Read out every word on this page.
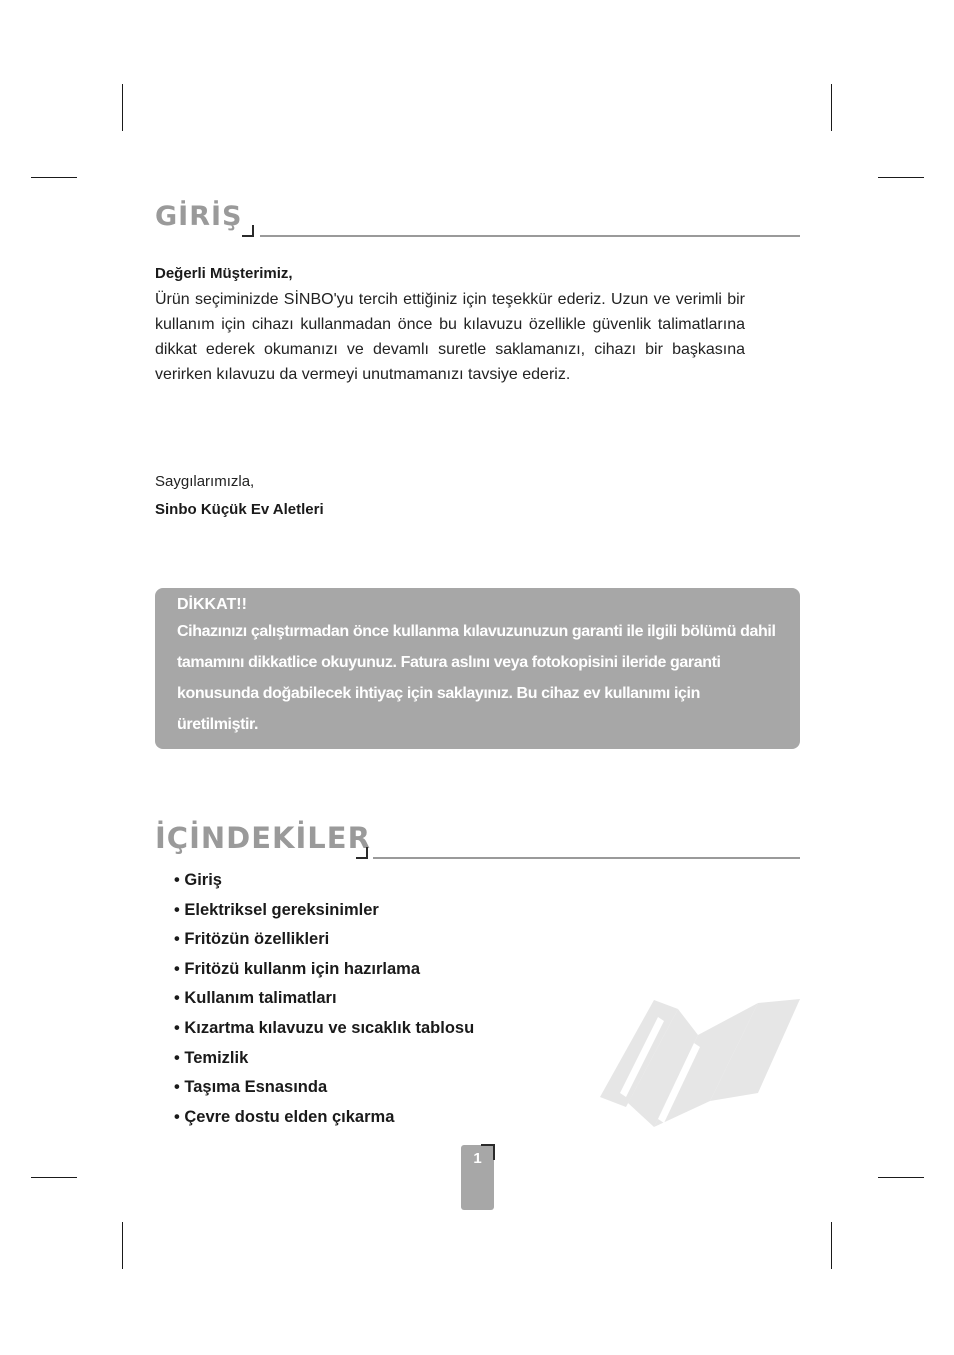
GİRİŞ
Değerli Müşterimiz,
Ürün seçiminizde SİNBO'yu tercih ettiğiniz için teşekkür ederiz. Uzun ve verimli bir kullanım için cihazı kullanmadan önce bu kılavuzu özellikle güvenlik talimatlarına dikkat ederek okumanızı ve devamlı suretle saklamanızı, cihazı bir başkasına verirken kılavuzu da vermeyi unutmamanızı tavsiye ederiz.
Saygılarımızla,
Sinbo Küçük Ev Aletleri
DİKKAT!!
Cihazınızı çalıştırmadan önce kullanma kılavuzunuzun garanti ile ilgili bölümü dahil tamamını dikkatlice okuyunuz. Fatura aslını veya fotokopisini ileride garanti konusunda doğabilecek ihtiyaç için saklayınız. Bu cihaz ev kullanımı için üretilmiştir.
İÇİNDEKİLER
• Giriş
• Elektriksel gereksinimler
• Fritözün özellikleri
• Fritözü kullanm için hazırlama
• Kullanım talimatları
• Kızartma kılavuzu ve sıcaklık tablosu
• Temizlik
• Taşıma Esnasında
• Çevre dostu elden çıkarma
1
